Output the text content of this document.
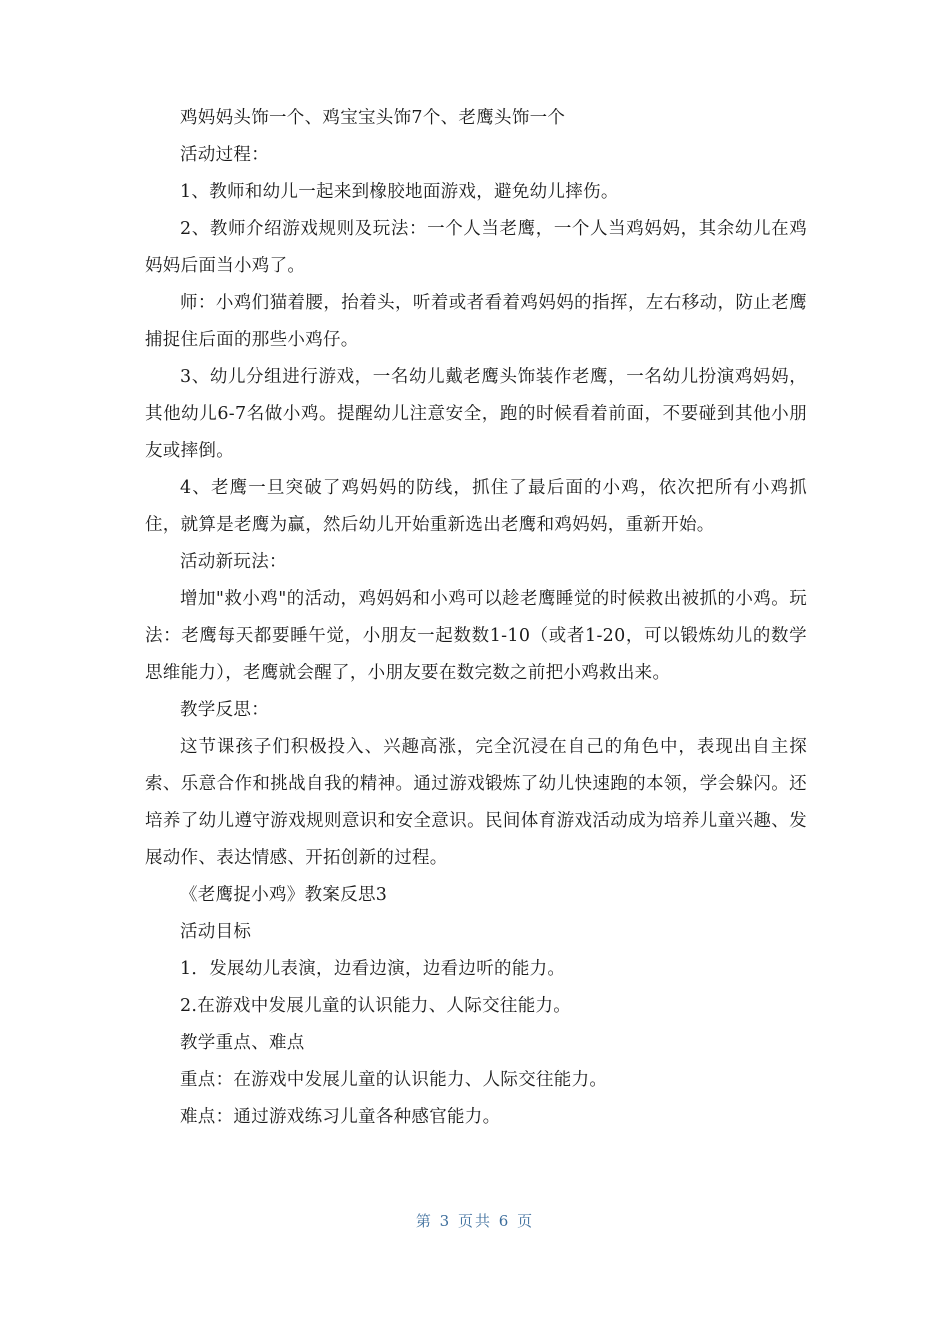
鸡妈妈头饰一个、鸡宝宝头饰7个、老鹰头饰一个

活动过程：

1、教师和幼儿一起来到橡胶地面游戏，避免幼儿摔伤。

2、教师介绍游戏规则及玩法：一个人当老鹰，一个人当鸡妈妈，其余幼儿在鸡妈妈后面当小鸡了。

师：小鸡们猫着腰，抬着头，听着或者看着鸡妈妈的指挥，左右移动，防止老鹰捕捉住后面的那些小鸡仔。

3、幼儿分组进行游戏，一名幼儿戴老鹰头饰装作老鹰，一名幼儿扮演鸡妈妈，其他幼儿6-7名做小鸡。提醒幼儿注意安全，跑的时候看着前面，不要碰到其他小朋友或摔倒。

4、老鹰一旦突破了鸡妈妈的防线，抓住了最后面的小鸡，依次把所有小鸡抓住，就算是老鹰为赢，然后幼儿开始重新选出老鹰和鸡妈妈，重新开始。

活动新玩法：

增加"救小鸡"的活动，鸡妈妈和小鸡可以趁老鹰睡觉的时候救出被抓的小鸡。玩法：老鹰每天都要睡午觉，小朋友一起数数1-10（或者1-20，可以锻炼幼儿的数学思维能力），老鹰就会醒了，小朋友要在数完数之前把小鸡救出来。

教学反思：

这节课孩子们积极投入、兴趣高涨，完全沉浸在自己的角色中，表现出自主探索、乐意合作和挑战自我的精神。通过游戏锻炼了幼儿快速跑的本领，学会躲闪。还培养了幼儿遵守游戏规则意识和安全意识。民间体育游戏活动成为培养儿童兴趣、发展动作、表达情感、开拓创新的过程。

《老鹰捉小鸡》教案反思3

活动目标

1．发展幼儿表演，边看边演，边看边听的能力。

2.在游戏中发展儿童的认识能力、人际交往能力。

教学重点、难点

重点：在游戏中发展儿童的认识能力、人际交往能力。

难点：通过游戏练习儿童各种感官能力。

第 3 页共 6 页
